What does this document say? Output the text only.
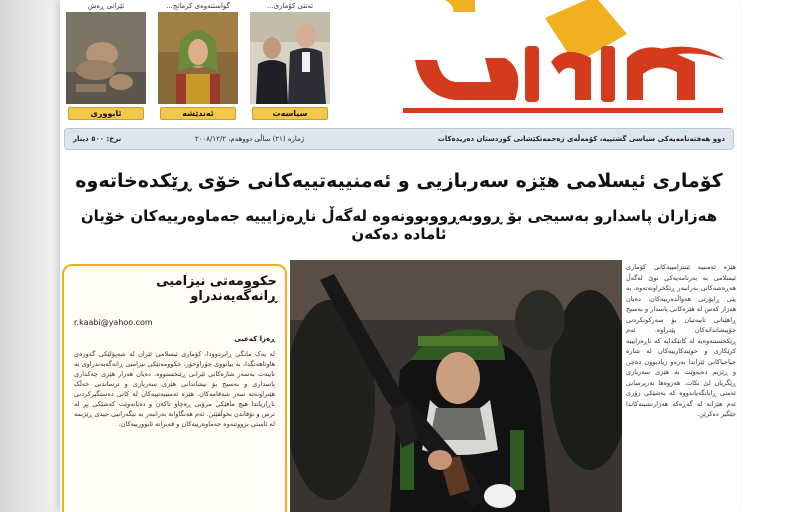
ئێرانی ڕەش
ئابووری
گواستنەوەی کرمانج...
ئەندێشە
ئەنتی کۆماری...
سیاسەت
دوو هەفتەنامەیەکی سیاسی گشتییە، کۆمەڵەی زەحمەتکێشانی کوردستان دەریدەکات
ژمارە (٢١) ساڵی دووهەم، ٢٠٠٨/١٢/٢
نرخ: ٥٠٠ دینار
کۆماری ئیسلامی هێزە سەربازیی و ئەمنییەتییەکانی خۆی ڕێکدەخاتەوە
هەزاران پاسدارو بەسیجی بۆ ڕووبەڕووبوونەوە لەگەڵ ناڕەزایییە جەماوەرییەکان خۆیان ئامادە دەکەن
حکوومەتی نیزامیی ڕانەگەیەندراو
r.kaabi@yahoo.com
ڕەزا کەعبی
لە یەک مانگی ڕابردوودا، کۆماری ئیسلامی ئێران لە شەپۆلێکی گەورەی هاوئاهەنگدا، بە بیانووی جۆراوجۆر، حکوومەتێکی نیزامیی ڕانەگەیەندراوی بە تایبەت بەسەر شارەکانی ئێرانی ڕێتخستووە. دەیان هەزار هێزی چەکداری پاسداری و بەسیج بۆ نیشاندانی هێزی سەربازی و ترساندنی خەڵک هێنراونەتە سەر شەقامەکان. هێزە ئەمنییەتییەکان لە کاتی دەستگیرکردنی ناڕازیاندا هیچ مافێکی مرۆیی ڕەچاو ناکەن و دەیانەوێت کەشێکی پڕ لە ترس و تۆقاندن بخوڵقێنن. ئەم هەنگاوانە بەرانبەر بە نیگەرانیی جیدی ڕێژیمە لە ئاستی بزووتنەوە جەماوەرییەکان و قەیرانە ئابوورییەکان.
هێزە ئەمنییە ئینتزامییەکانی کۆماری ئیسلامی بە بەرنامەیەکی نوێ لەگەڵ هەڕەشەکانی بەرانبەر ڕێکخراونەتەوە. بە پێی ڕاپۆرتی هەواڵدەرییەکان، دەیان هەزار کەس لە هێزەکانی پاسدار و بەسیج ڕاهێنانی تایبەتیان بۆ سەرکوتکردنی خۆپیشاندانەکان پێدراوە. ئەم ڕێکخستنەوەیە لە کاتێکدایە کە ناڕەزایییە کرێکاری و خوێندکارییەکان لە شارە جیاجیاکانی ئێراندا بەرەو زیادبوون دەچن و ڕێژیم دەیەوێت بە هێزی سەربازی ڕێگریان لێ بکات. هەروەها بەرپرسانی ئەمنی ڕایانگەیاندووە کە بەشێکی زۆری ئەم هێزانە لە گەڕەکە هەژارنشینەکاندا جێگیر دەکرێن.
